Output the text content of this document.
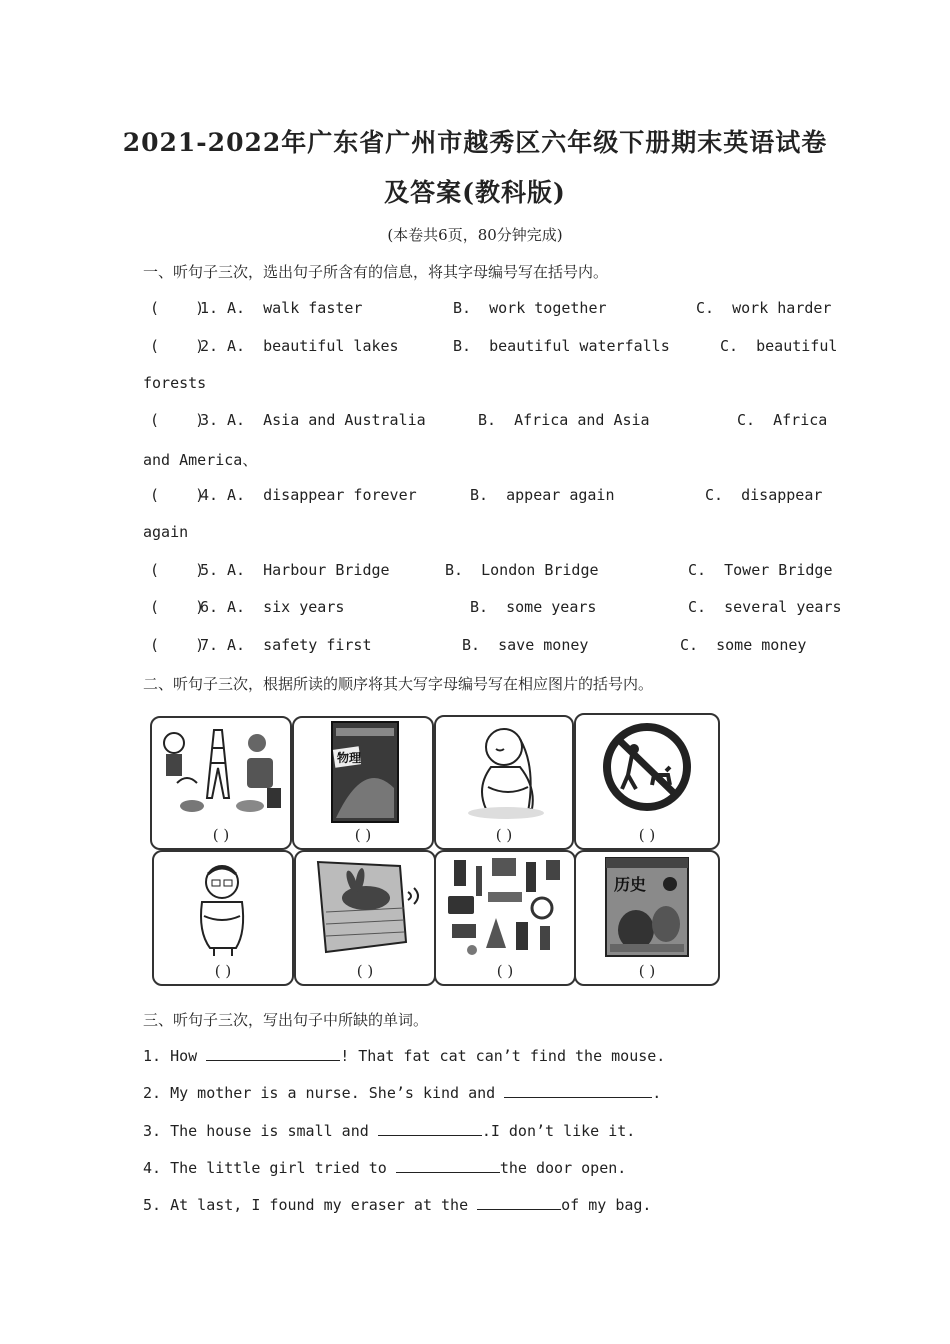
2021-2022年广东省广州市越秀区六年级下册期末英语试卷
及答案(教科版)
(本卷共6页，80分钟完成)
一、听句子三次，选出句子所含有的信息，将其字母编号写在括号内。
(    )
1. A.  walk faster	B.  work together	C.  work harder
(    )
2. A.  beautiful lakes	B.  beautiful waterfalls	C.  beautiful
forests
(    )
3. A.  Asia and Australia	B.  Africa and Asia	C.  Africa
and America、
(    )
4. A.  disappear forever	B.  appear again	C.  disappear
again
(    )
5. A.  Harbour Bridge	B.  London Bridge	C.  Tower Bridge
(    )
6. A.  six years	B.  some years	C.  several years
(    )
7. A.  safety first	B.  save money	C.  some money
二、听句子三次，根据所读的顺序将其大写字母编号写在相应图片的括号内。
( )
物理
( )	( )	( )
( )	( )	( )
历史
( )
三、听句子三次，写出句子中所缺的单词。
1. How	! That fat cat can’t find the mouse.
2. My mother is a nurse. She’s kind and	.
3. The house is small and	.I don’t like it.
4. The little girl tried to	the door open.
5. At last, I found my eraser at the	of my bag.
